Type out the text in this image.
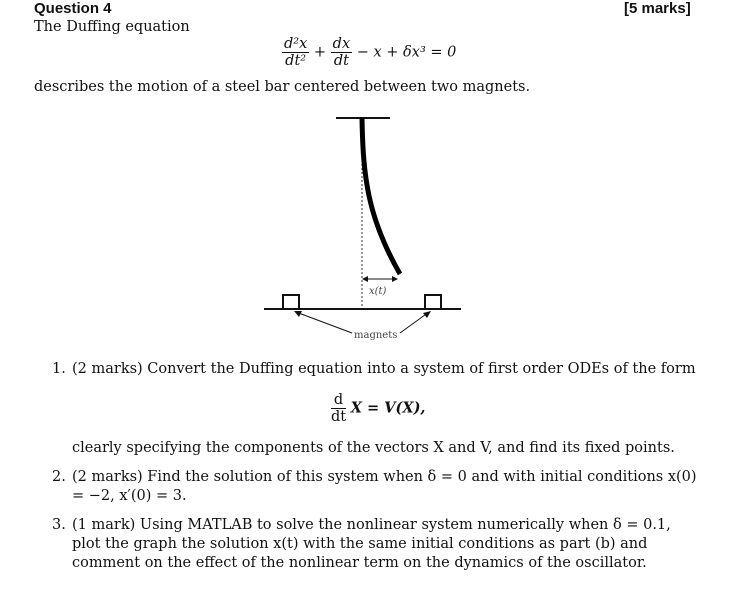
Question 4	[5 marks]
The Duffing equation
$\frac{\text{d²x}}{\text{dt²}} + \frac{dx}{dt} - x + \delta x^3 = 0$
describes the motion of a steel bar centered between two magnets.
x(t)
magnets
1. (2 marks) Convert the Duffing equation into a system of first order ODEs of the form
$\frac{d}{dt}$ X = V(X),
clearly specifying the components of the vectors X and V, and find its fixed points.
2. (2 marks) Find the solution of this system when δ = 0 and with initial conditions x(0) = −2, x′(0) = 3.
3. (1 mark) Using MATLAB to solve the nonlinear system numerically when δ = 0.1, plot the graph the solution x(t) with the same initial conditions as part (b) and comment on the effect of the nonlinear term on the dynamics of the oscillator.
